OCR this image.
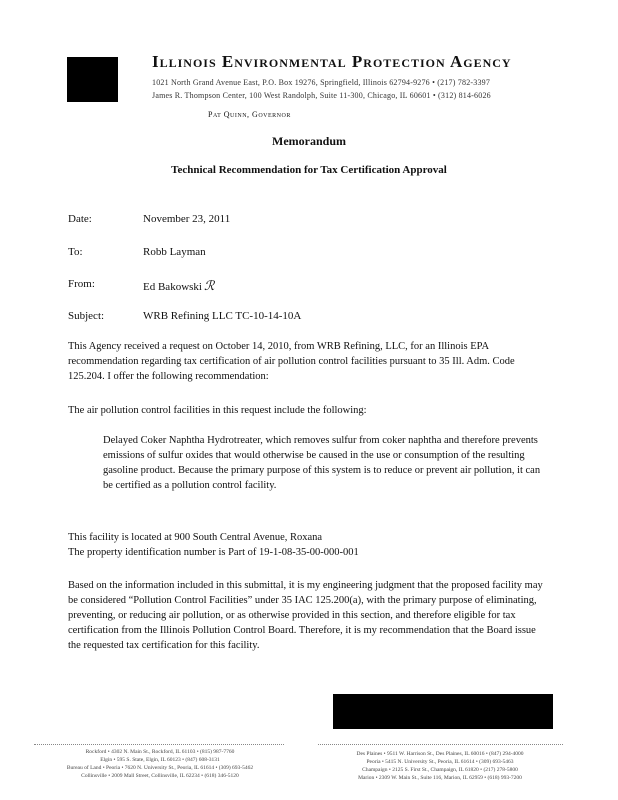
Illinois Environmental Protection Agency
1021 North Grand Avenue East, P.O. Box 19276, Springfield, Illinois 62794-9276 • (217) 782-3397
James R. Thompson Center, 100 West Randolph, Suite 11-300, Chicago, IL 60601 • (312) 814-6026
Pat Quinn, Governor
Memorandum
Technical Recommendation for Tax Certification Approval
Date:	November 23, 2011
To:	Robb Layman
From:	Ed Bakowski ℛ
Subject:	WRB Refining LLC TC-10-14-10A
This Agency received a request on October 14, 2010, from WRB Refining, LLC, for an Illinois EPA recommendation regarding tax certification of air pollution control facilities pursuant to 35 Ill. Adm. Code 125.204. I offer the following recommendation:
The air pollution control facilities in this request include the following:
Delayed Coker Naphtha Hydrotreater, which removes sulfur from coker naphtha and therefore prevents emissions of sulfur oxides that would otherwise be caused in the use or consumption of the resulting gasoline product. Because the primary purpose of this system is to reduce or prevent air pollution, it can be certified as a pollution control facility.
This facility is located at 900 South Central Avenue, Roxana
The property identification number is Part of 19-1-08-35-00-000-001
Based on the information included in this submittal, it is my engineering judgment that the proposed facility may be considered “Pollution Control Facilities” under 35 IAC 125.200(a), with the primary purpose of eliminating, preventing, or reducing air pollution, or as otherwise provided in this section, and therefore eligible for tax certification from the Illinois Pollution Control Board. Therefore, it is my recommendation that the Board issue the requested tax certification for this facility.
Rockford • 4302 N. Main St., Rockford, IL 61103 • (815) 987-7760
Elgin • 595 S. State, Elgin, IL 60123 • (847) 608-3131
Bureau of Land • Peoria • 7620 N. University St., Peoria, IL 61614 • (309) 693-5462
Collinsville • 2009 Mall Street, Collinsville, IL 62234 • (618) 346-5120
Des Plaines • 9511 W. Harrison St., Des Plaines, IL 60016 • (847) 294-4000
Peoria • 5415 N. University St., Peoria, IL 61614 • (309) 693-5463
Champaign • 2125 S. First St., Champaign, IL 61820 • (217) 278-5800
Marion • 2309 W. Main St., Suite 116, Marion, IL 62959 • (618) 993-7200
